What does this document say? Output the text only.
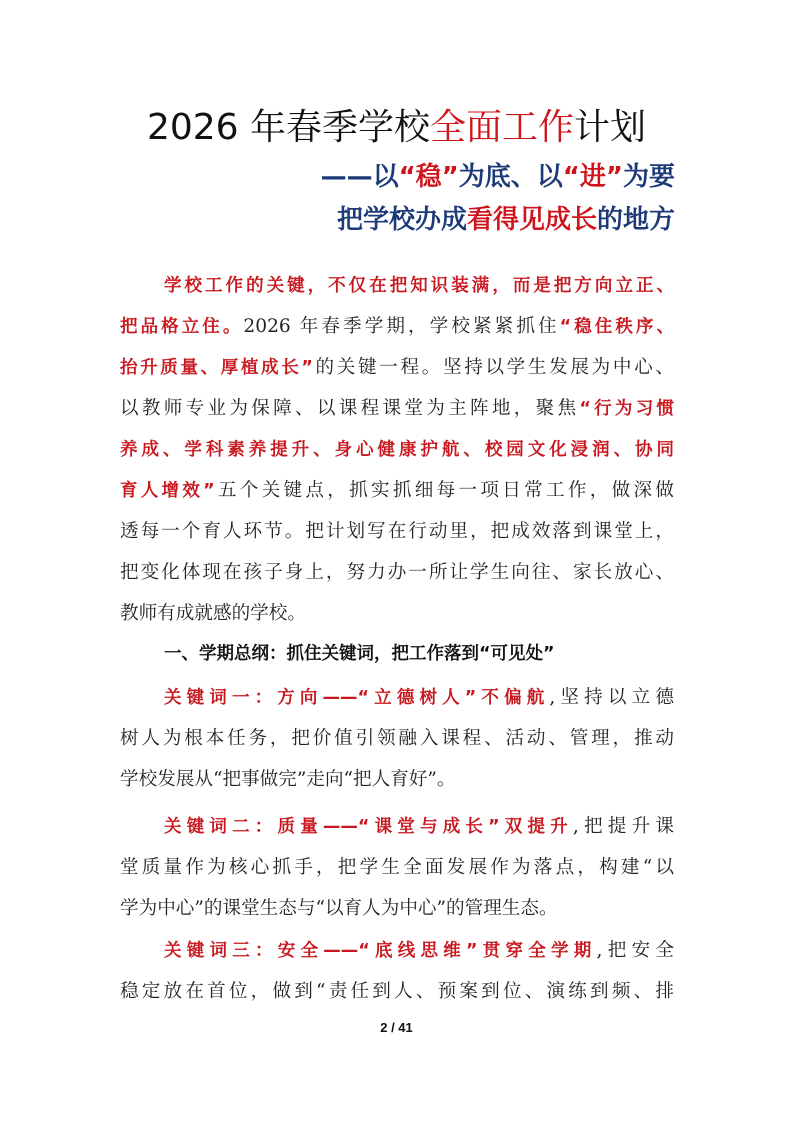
2026 年春季学校全面工作计划
——以“稳”为底、以“进”为要
把学校办成看得见成长的地方
学校工作的关键，不仅在把知识装满，而是把方向立正、
把品格立住。2026 年春季学期，学校紧紧抓住“稳住秩序、
抬升质量、厚植成长”的关键一程。坚持以学生发展为中心、
以教师专业为保障、以课程课堂为主阵地，聚焦“行为习惯
养成、学科素养提升、身心健康护航、校园文化浸润、协同
育人增效”五个关键点，抓实抓细每一项日常工作，做深做
透每一个育人环节。把计划写在行动里，把成效落到课堂上，
把变化体现在孩子身上，努力办一所让学生向往、家长放心、
教师有成就感的学校。
一、学期总纲：抓住关键词，把工作落到“可见处”
关键词一：方向——“立德树人”不偏航,坚持以立德
树人为根本任务，把价值引领融入课程、活动、管理，推动
学校发展从“把事做完”走向“把人育好”。
关键词二：质量——“课堂与成长”双提升,把提升课
堂质量作为核心抓手，把学生全面发展作为落点，构建“以
学为中心”的课堂生态与“以育人为中心”的管理生态。
关键词三：安全——“底线思维”贯穿全学期,把安全
稳定放在首位，做到“责任到人、预案到位、演练到频、排
2 / 41
